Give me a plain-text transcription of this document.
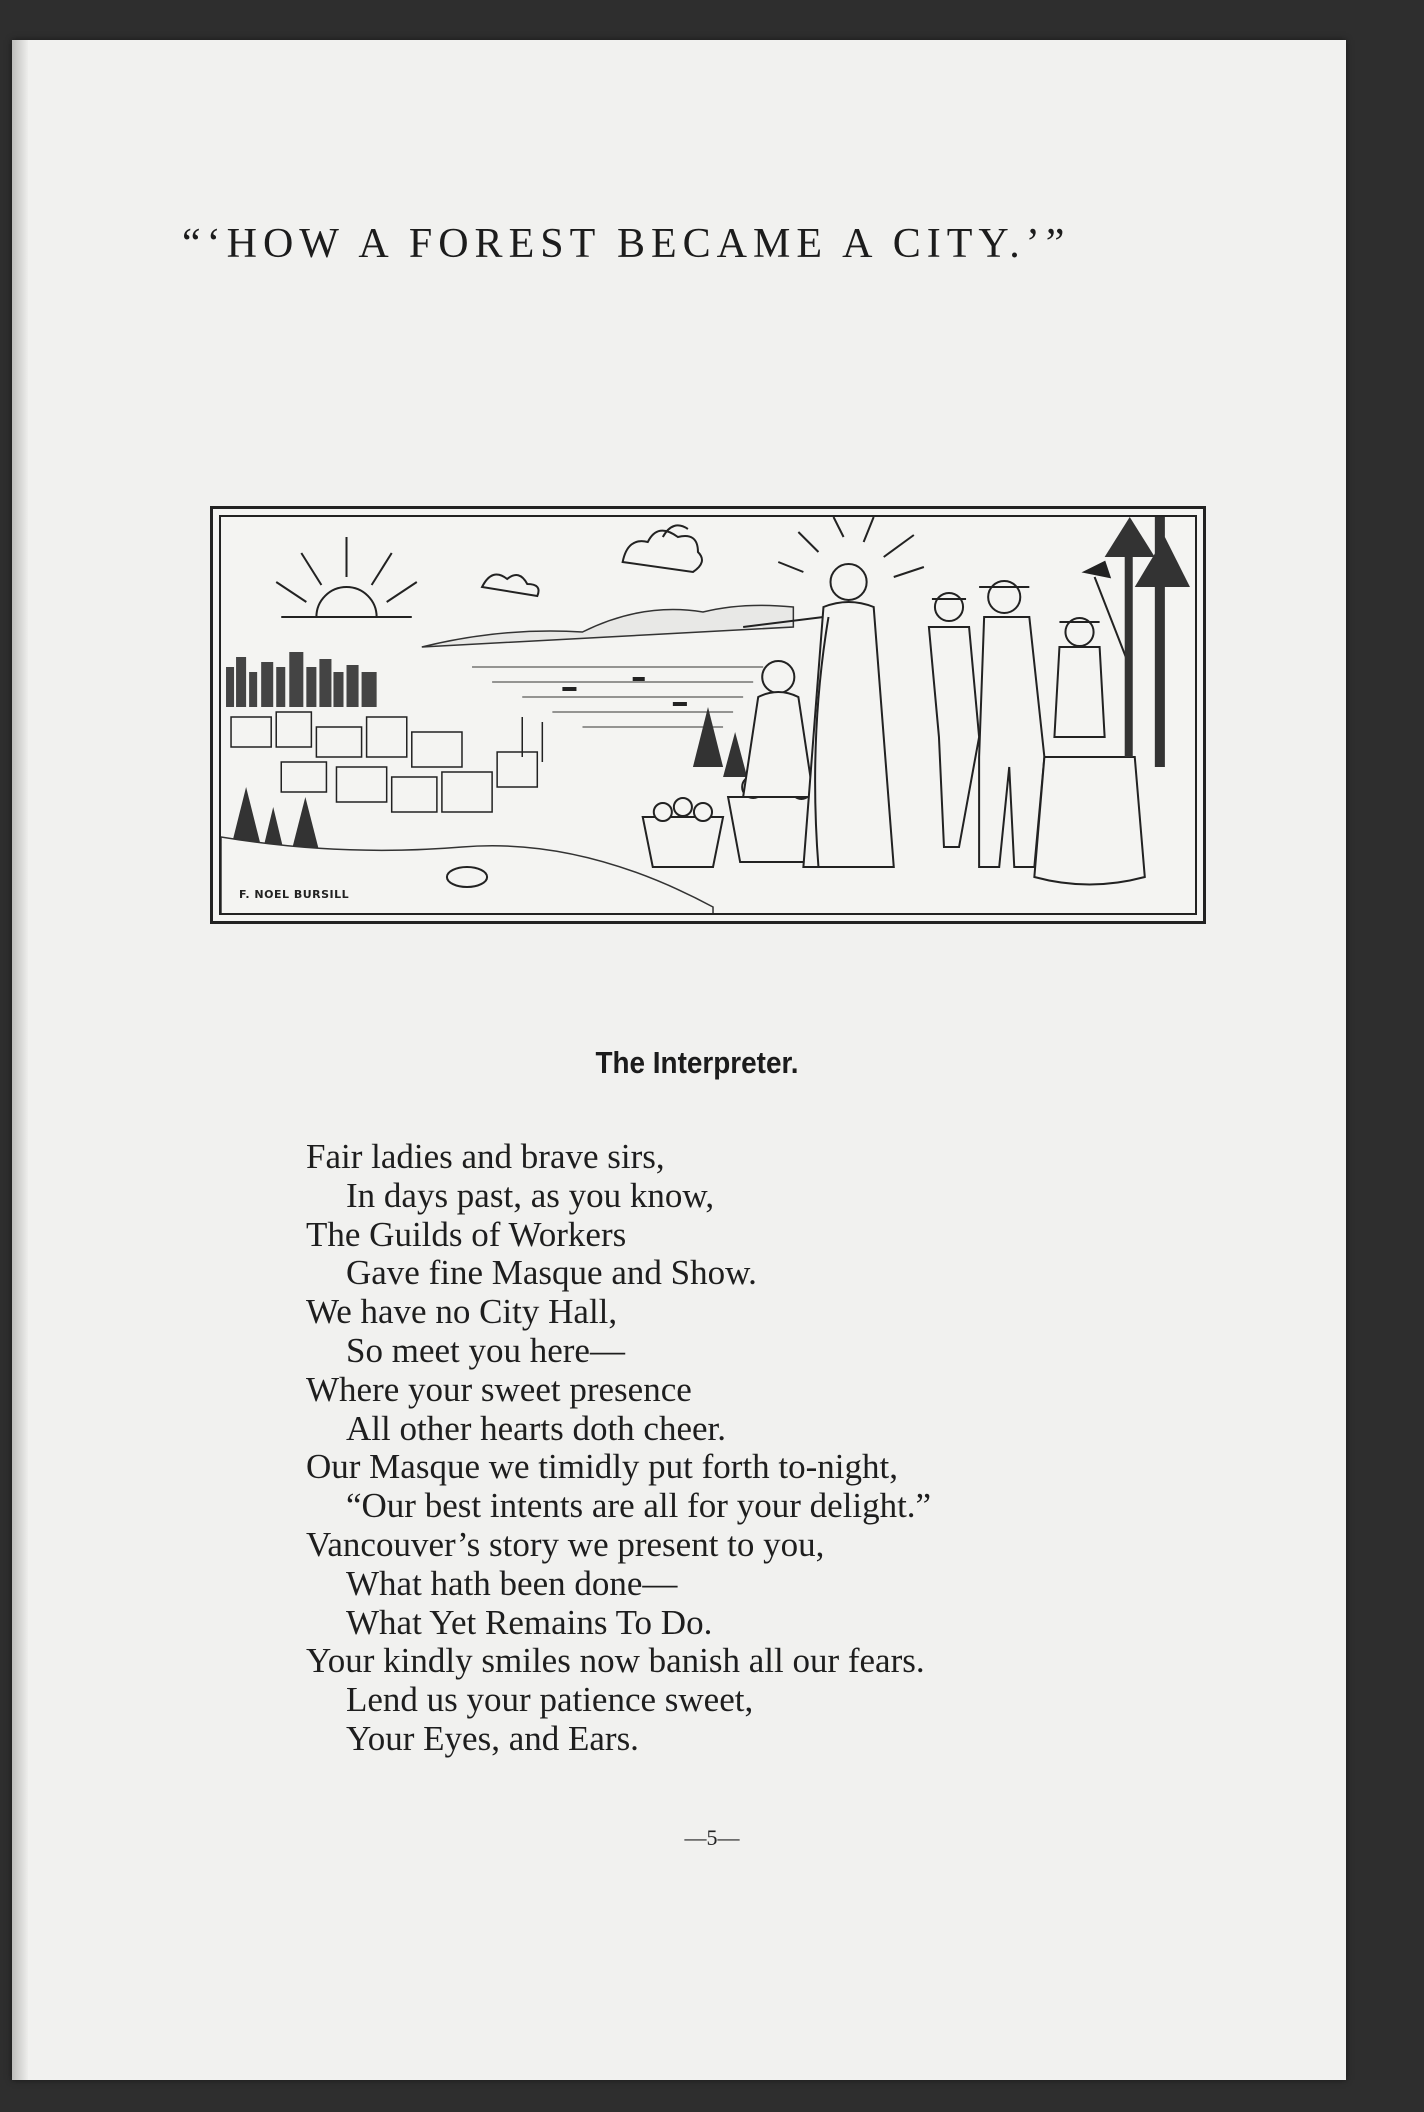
“‘HOW A FOREST BECAME A CITY.’”
F. NOEL BURSILL
The Interpreter.
Fair ladies and brave sirs,
In days past, as you know,
The Guilds of Workers
Gave fine Masque and Show.
We have no City Hall,
So meet you here—
Where your sweet presence
All other hearts doth cheer.
Our Masque we timidly put forth to-night,
“Our best intents are all for your delight.”
Vancouver’s story we present to you,
What hath been done—
What Yet Remains To Do.
Your kindly smiles now banish all our fears.
Lend us your patience sweet,
Your Eyes, and Ears.
—5—
